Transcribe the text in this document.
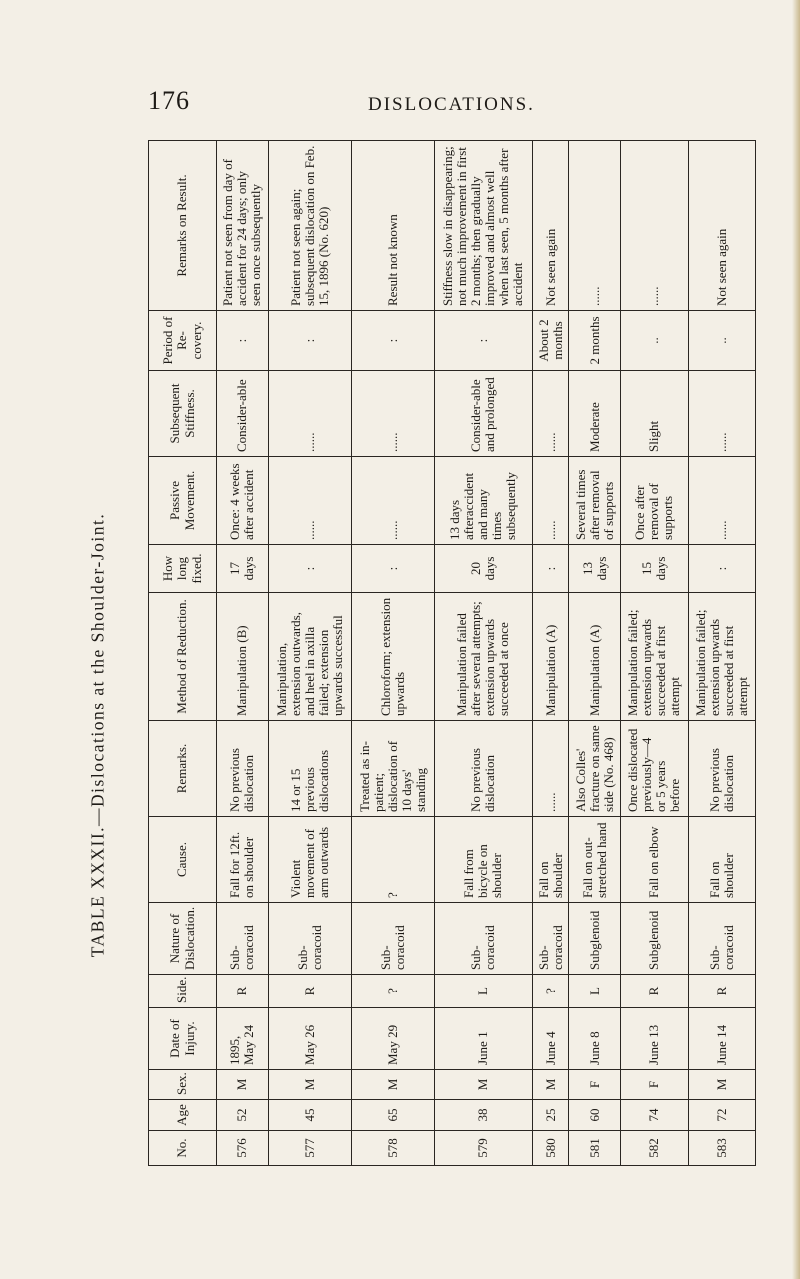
176	DISLOCATIONS.
TABLE XXXII.—Dislocations at the Shoulder-Joint.
No.	Age	Sex.	Date of Injury.	Side.	Nature of Dislocation.	Cause.	Remarks.	Method of Reduction.	How long fixed.	Passive Movement.	Subsequent Stiffness.	Period of Re-covery.	Remarks on Result.
576	52	M	1895, May 24	R	Sub-coracoid	Fall for 12ft. on shoulder	No previous dislocation	Manipulation (B)	17 days	Once: 4 weeks after accident	Consider-able	:	Patient not seen from day of accident for 24 days; only seen once subsequently
577	45	M	May 26	R	Sub-coracoid	Violent movement of arm outwards	14 or 15 previous dislocations	Manipulation, extension outwards, and heel in axilla failed; extension upwards successful	:	......	......	:	Patient not seen again; subsequent dislocation on Feb. 15, 1896 (No. 620)
578	65	M	May 29	?	Sub-coracoid	?	Treated as in-patient; dislocation of 10 days' standing	Chloroform; extension upwards	:	......	......	:	Result not known
579	38	M	June 1	L	Sub-coracoid	Fall from bicycle on shoulder	No previous dislocation	Manipulation failed after several attempts; extension upwards succeeded at once	20 days	13 days afteraccident and many times subsequently	Consider-able and prolonged	:	Stiffness slow in disappearing; not much improvement in first 2 months; then gradually improved and almost well when last seen, 5 months after accident
580	25	M	June 4	?	Sub-coracoid	Fall on shoulder	......	Manipulation (A)	:	......	......	About 2 months	Not seen again
581	60	F	June 8	L	Subglenoid	Fall on out-stretched hand	Also Colles' fracture on same side (No. 468)	Manipulation (A)	13 days	Several times after removal of supports	Moderate	2 months	......
582	74	F	June 13	R	Subglenoid	Fall on elbow	Once dislocated previously—4 or 5 years before	Manipulation failed; extension upwards succeeded at first attempt	15 days	Once after removal of supports	Slight	..	......
583	72	M	June 14	R	Sub-coracoid	Fall on shoulder	No previous dislocation	Manipulation failed; extension upwards succeeded at first attempt	:	......	......	..	Not seen again
